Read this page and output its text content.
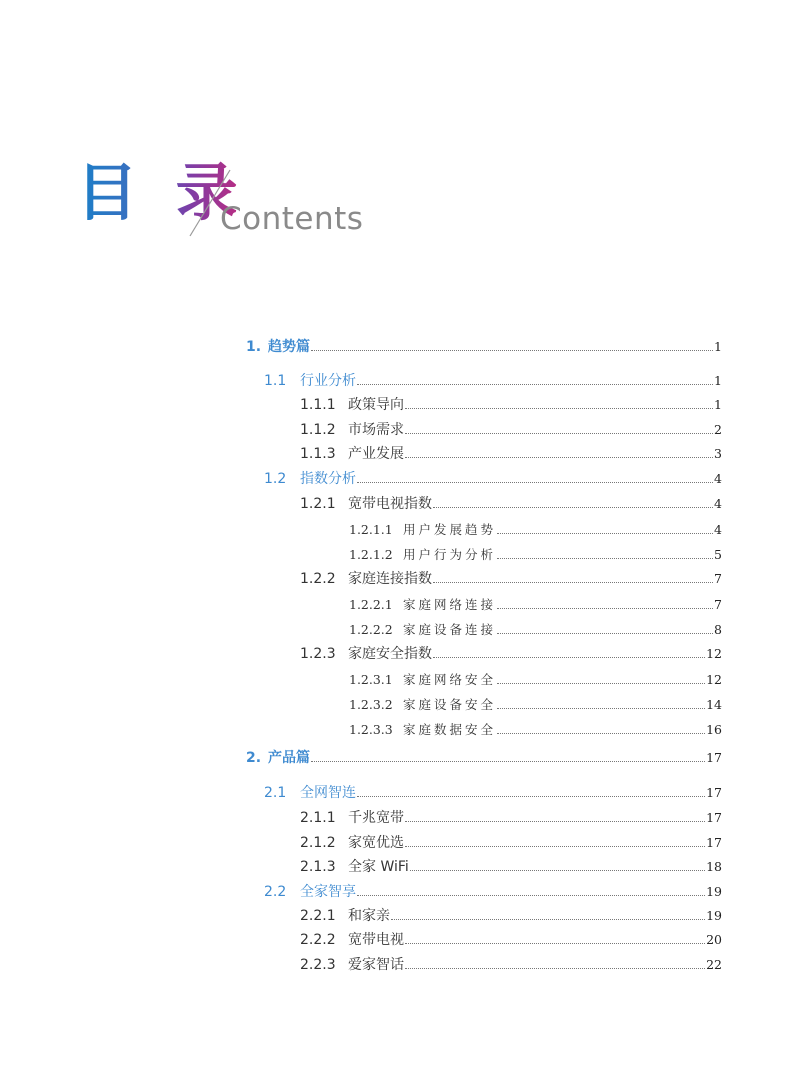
目 录
Contents
1. 趋势篇	1
1.1 行业分析	1
1.1.1 政策导向	1
1.1.2 市场需求	2
1.1.3 产业发展	3
1.2 指数分析	4
1.2.1 宽带电视指数	4
1.2.1.1 用户发展趋势	4
1.2.1.2 用户行为分析	5
1.2.2 家庭连接指数	7
1.2.2.1 家庭网络连接	7
1.2.2.2 家庭设备连接	8
1.2.3 家庭安全指数	12
1.2.3.1 家庭网络安全	12
1.2.3.2 家庭设备安全	14
1.2.3.3 家庭数据安全	16
2. 产品篇	17
2.1 全网智连	17
2.1.1 千兆宽带	17
2.1.2 家宽优选	17
2.1.3 全家 WiFi	18
2.2 全家智享	19
2.2.1 和家亲	19
2.2.2 宽带电视	20
2.2.3 爱家智话	22
